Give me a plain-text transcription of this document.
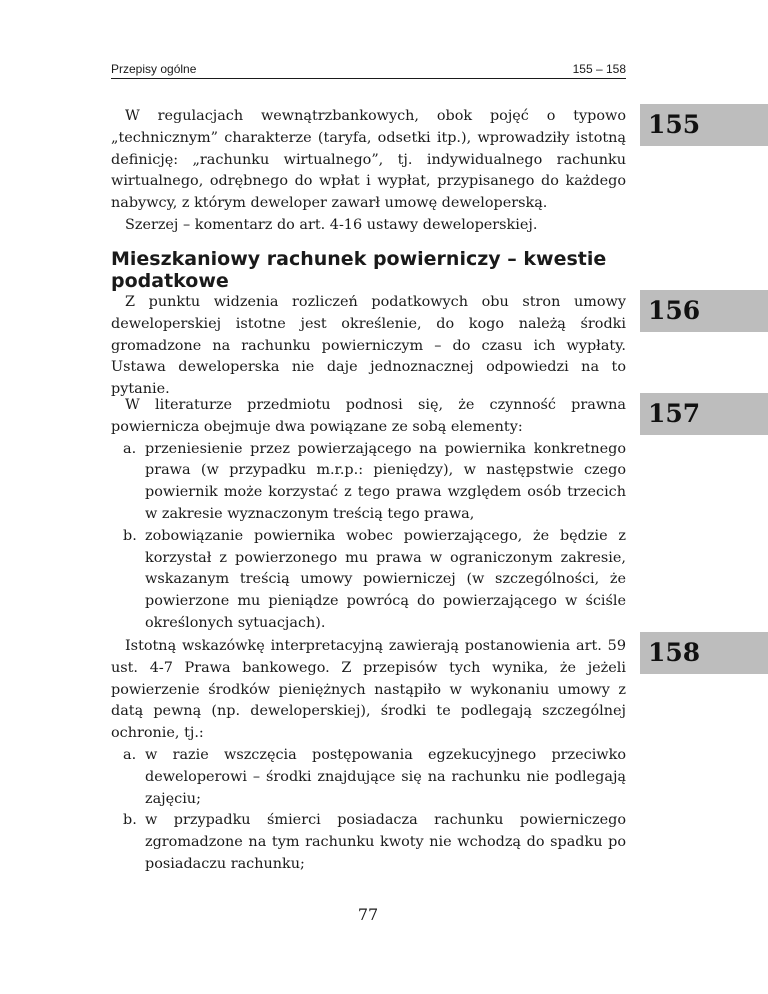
Przepisy ogólne	155 – 158

W regulacjach wewnątrzbankowych, obok pojęć o typowo „technicznym” charakterze (taryfa, odsetki itp.), wprowadziły istotną definicję: „rachunku wirtualnego”, tj. indywidualnego rachunku wirtualnego, odrębnego do wpłat i wypłat, przypisanego do każdego nabywcy, z którym deweloper zawarł umowę deweloperską.

Szerzej – komentarz do art. 4-16 ustawy deweloperskiej.

155
Mieszkaniowy rachunek powierniczy – kwestie podatkowe

Z punktu widzenia rozliczeń podatkowych obu stron umowy deweloperskiej istotne jest określenie, do kogo należą środki gromadzone na rachunku powierniczym – do czasu ich wypłaty. Ustawa deweloperska nie daje jednoznacznej odpowiedzi na to pytanie.

156

W literaturze przedmiotu podnosi się, że czynność prawna powiernicza obejmuje dwa powiązane ze sobą elementy:

a. przeniesienie przez powierzającego na powiernika konkretnego prawa (w przypadku m.r.p.: pieniędzy), w następstwie czego powiernik może korzystać z tego prawa względem osób trzecich w zakresie wyznaczonym treścią tego prawa,
b. zobowiązanie powiernika wobec powierzającego, że będzie z korzystał z powierzonego mu prawa w ograniczonym zakresie, wskazanym treścią umowy powierniczej (w szczególności, że powierzone mu pieniądze powrócą do powierzającego w ściśle określonych sytuacjach).
157

Istotną wskazówkę interpretacyjną zawierają postanowienia art. 59 ust. 4-7 Prawa bankowego. Z przepisów tych wynika, że jeżeli powierzenie środków pieniężnych nastąpiło w wykonaniu umowy z datą pewną (np. deweloperskiej), środki te podlegają szczególnej ochronie, tj.:

a. w razie wszczęcia postępowania egzekucyjnego przeciwko deweloperowi – środki znajdujące się na rachunku nie podlegają zajęciu;
b. w przypadku śmierci posiadacza rachunku powierniczego zgromadzone na tym rachunku kwoty nie wchodzą do spadku po posiadaczu rachunku;
158
77
